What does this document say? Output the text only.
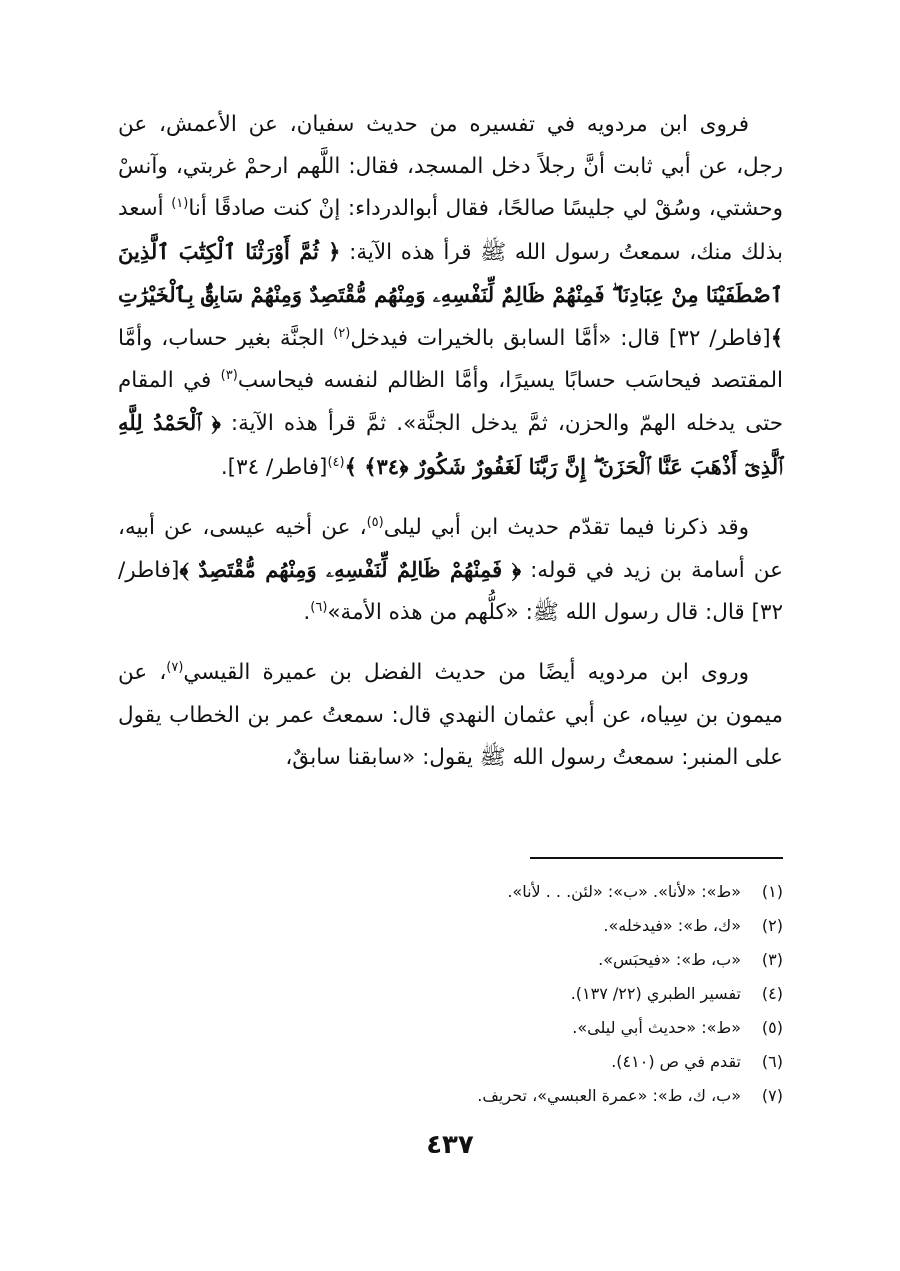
فروى ابن مردويه في تفسيره من حديث سفيان، عن الأعمش، عن رجل، عن أبي ثابت أنَّ رجلاً دخل المسجد، فقال: اللَّهم ارحمْ غربتي، وآنسْ وحشتي، وسُقْ لي جليسًا صالحًا، فقال أبوالدرداء: إنْ كنت صادقًا أنا$^{(١)}$ أسعد بذلك منك، سمعتُ رسول الله ﷺ قرأ هذه الآية: ﴿ ثُمَّ أَوْرَثْنَا ٱلْكِتَٰبَ ٱلَّذِينَ ٱصْطَفَيْنَا مِنْ عِبَادِنَا ۖ فَمِنْهُمْ ظَالِمٌ لِّنَفْسِهِۦ وَمِنْهُم مُّقْتَصِدٌ وَمِنْهُمْ سَابِقٌۢ بِٱلْخَيْرَٰتِ ﴾[فاطر/ ٣٢] قال: «أمَّا السابق بالخيرات فيدخل$^{(٢)}$ الجنَّة بغير حساب، وأمَّا المقتصد فيحاسَب حسابًا يسيرًا، وأمَّا الظالم لنفسه فيحاسب$^{(٣)}$ في المقام حتى يدخله الهمّ والحزن، ثمَّ يدخل الجنَّة». ثمَّ قرأ هذه الآية: ﴿ ٱلْحَمْدُ لِلَّهِ ٱلَّذِىٓ أَذْهَبَ عَنَّا ٱلْحَزَنَ ۖ إِنَّ رَبَّنَا لَغَفُورٌ شَكُورٌ ﴿٣٤﴾ ﴾$^{(٤)}$[فاطر/ ٣٤].

وقد ذكرنا فيما تقدّم حديث ابن أبي ليلى$^{(٥)}$، عن أخيه عيسى، عن أبيه، عن أسامة بن زيد في قوله: ﴿ فَمِنْهُمْ ظَالِمٌ لِّنَفْسِهِۦ وَمِنْهُم مُّقْتَصِدٌ ﴾[فاطر/ ٣٢] قال: قال رسول الله ﷺ: «كلُّهم من هذه الأمة»$^{(٦)}$.

وروى ابن مردويه أيضًا من حديث الفضل بن عميرة القيسي$^{(٧)}$، عن ميمون بن سِياه، عن أبي عثمان النهدي قال: سمعتُ عمر بن الخطاب يقول على المنبر: سمعتُ رسول الله ﷺ يقول: «سابقنا سابقٌ،

(١)
«ط»: «لأنا». «ب»: «لئن. . . لأنا».
(٢)
«ك، ط»: «فيدخله».
(٣)
«ب، ط»: «فيحبَس».
(٤)
تفسير الطبري (٢٢/ ١٣٧).
(٥)
«ط»: «حديث أبي ليلى».
(٦)
تقدم في ص (٤١٠).
(٧)
«ب، ك، ط»: «عمرة العبسي»، تحريف.
٤٣٧
